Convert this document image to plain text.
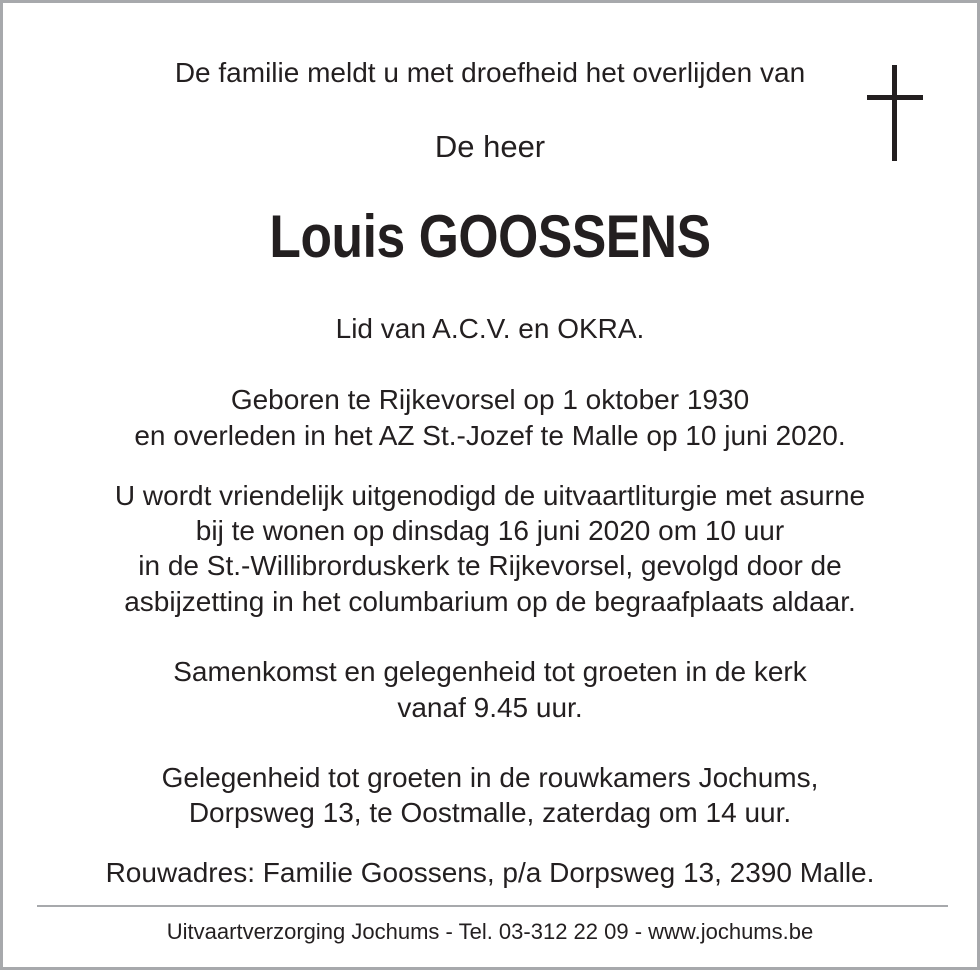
De familie meldt u met droefheid het overlijden van
De heer
Louis GOOSSENS
Lid van A.C.V. en OKRA.
Geboren te Rijkevorsel op 1 oktober 1930
en overleden in het AZ St.-Jozef te Malle op 10 juni 2020.
U wordt vriendelijk uitgenodigd de uitvaartliturgie met asurne
bij te wonen op dinsdag 16 juni 2020 om 10 uur
in de St.-Willibrorduskerk te Rijkevorsel, gevolgd door de
asbijzetting in het columbarium op de begraafplaats aldaar.
Samenkomst en gelegenheid tot groeten in de kerk
vanaf 9.45 uur.
Gelegenheid tot groeten in de rouwkamers Jochums,
Dorpsweg 13, te Oostmalle, zaterdag om 14 uur.
Rouwadres: Familie Goossens, p/a Dorpsweg 13, 2390 Malle.
Uitvaartverzorging Jochums - Tel. 03-312 22 09 - www.jochums.be
